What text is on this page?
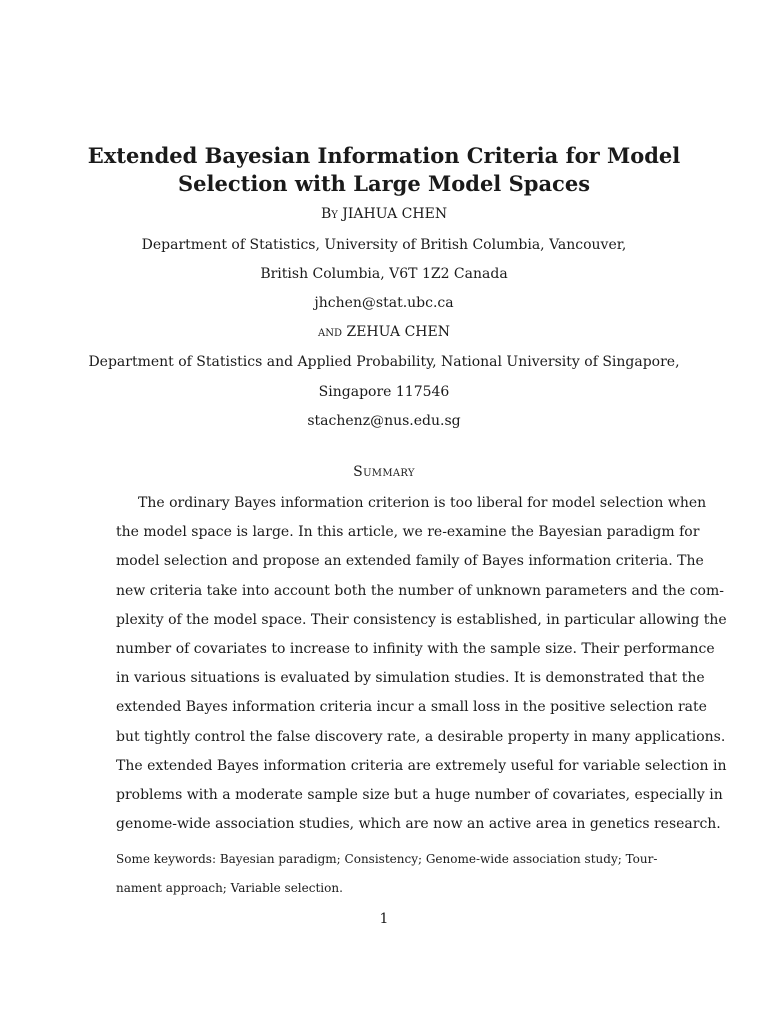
Extended Bayesian Information Criteria for Model
Selection with Large Model Spaces
By JIAHUA CHEN
Department of Statistics, University of British Columbia, Vancouver,
British Columbia, V6T 1Z2 Canada
jhchen@stat.ubc.ca
and ZEHUA CHEN
Department of Statistics and Applied Probability, National University of Singapore,
Singapore 117546
stachenz@nus.edu.sg
Summary
The ordinary Bayes information criterion is too liberal for model selection when
the model space is large. In this article, we re-examine the Bayesian paradigm for
model selection and propose an extended family of Bayes information criteria. The
new criteria take into account both the number of unknown parameters and the com-
plexity of the model space. Their consistency is established, in particular allowing the
number of covariates to increase to infinity with the sample size. Their performance
in various situations is evaluated by simulation studies. It is demonstrated that the
extended Bayes information criteria incur a small loss in the positive selection rate
but tightly control the false discovery rate, a desirable property in many applications.
The extended Bayes information criteria are extremely useful for variable selection in
problems with a moderate sample size but a huge number of covariates, especially in
genome-wide association studies, which are now an active area in genetics research.
Some keywords: Bayesian paradigm; Consistency; Genome-wide association study; Tour-
nament approach; Variable selection.
1
